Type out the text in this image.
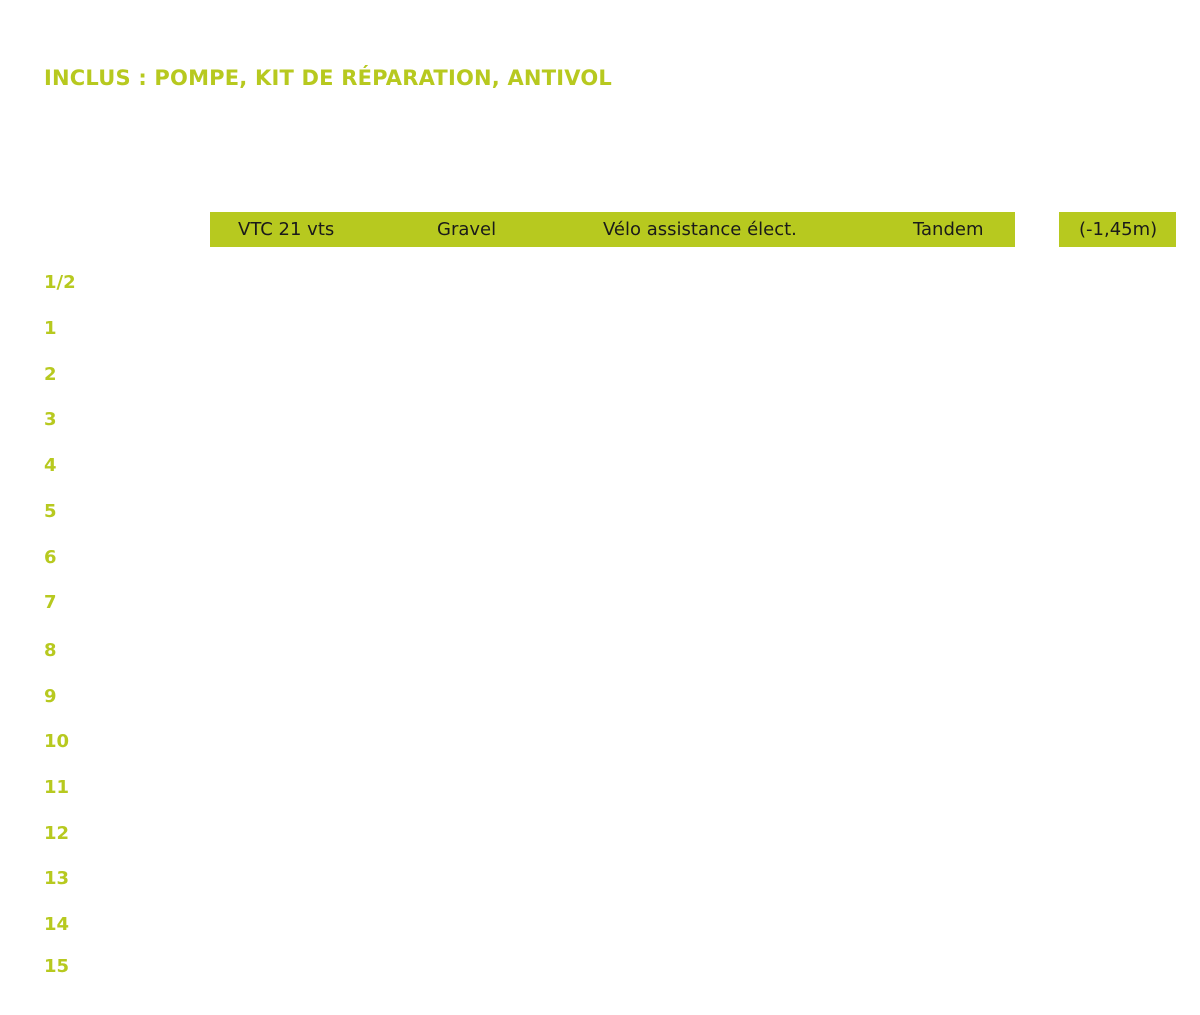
INCLUS : POMPE, KIT DE RÉPARATION, ANTIVOL
VTC 21 vts	Gravel	Vélo assistance élect.	Tandem	(-1,45m)
1/2
1
2
3
4
5
6
7
8
9
10
11
12
13
14
15
